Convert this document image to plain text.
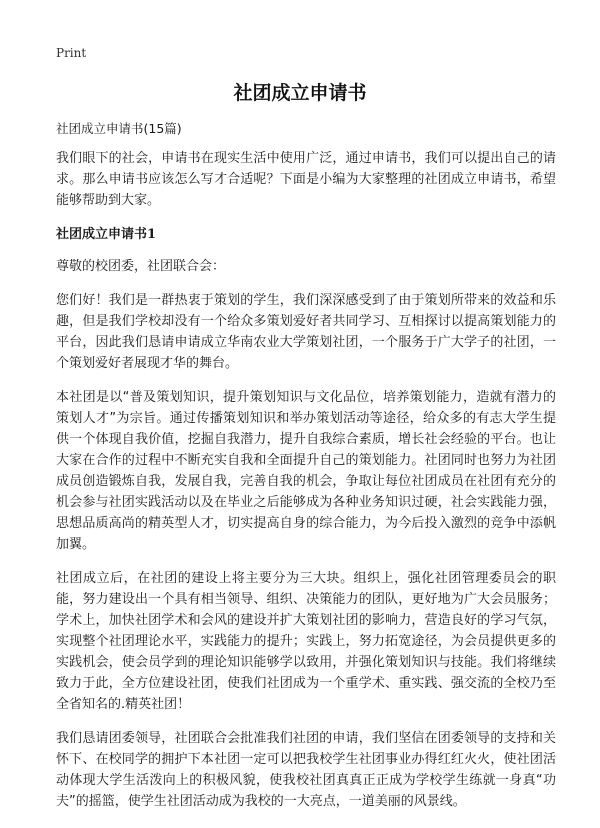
Print
社团成立申请书

社团成立申请书(15篇)

我们眼下的社会，申请书在现实生活中使用广泛，通过申请书，我们可以提出自己的请求。那么申请书应该怎么写才合适呢？下面是小编为大家整理的社团成立申请书，希望能够帮助到大家。

社团成立申请书1

尊敬的校团委，社团联合会：

您们好！我们是一群热衷于策划的学生，我们深深感受到了由于策划所带来的效益和乐趣，但是我们学校却没有一个给众多策划爱好者共同学习、互相探讨以提高策划能力的平台，因此我们恳请申请成立华南农业大学策划社团，一个服务于广大学子的社团，一个策划爱好者展现才华的舞台。

本社团是以“普及策划知识，提升策划知识与文化品位，培养策划能力，造就有潜力的策划人才”为宗旨。通过传播策划知识和举办策划活动等途径，给众多的有志大学生提供一个体现自我价值，挖掘自我潜力，提升自我综合素质，增长社会经验的平台。也让大家在合作的过程中不断充实自我和全面提升自己的策划能力。社团同时也努力为社团成员创造锻炼自我，发展自我，完善自我的机会，争取让每位社团成员在社团有充分的机会参与社团实践活动以及在毕业之后能够成为各种业务知识过硬，社会实践能力强，思想品质高尚的精英型人才，切实提高自身的综合能力，为今后投入激烈的竞争中添帆加翼。

社团成立后，在社团的建设上将主要分为三大块。组织上，强化社团管理委员会的职能，努力建设出一个具有相当领导、组织、决策能力的团队，更好地为广大会员服务；学术上，加快社团学术和会风的建设并扩大策划社团的影响力，营造良好的学习气氛，实现整个社团理论水平，实践能力的提升；实践上，努力拓宽途径，为会员提供更多的实践机会，使会员学到的理论知识能够学以致用，并强化策划知识与技能。我们将继续致力于此，全方位建设社团，使我们社团成为一个重学术、重实践、强交流的全校乃至全省知名的.精英社团！

我们恳请团委领导，社团联合会批准我们社团的申请，我们坚信在团委领导的支持和关怀下、在校同学的拥护下本社团一定可以把我校学生社团事业办得红红火火，使社团活动体现大学生活泼向上的积极风貌，使我校社团真真正正成为学校学生练就一身真“功夫”的摇篮，使学生社团活动成为我校的一大亮点，一道美丽的风景线。
